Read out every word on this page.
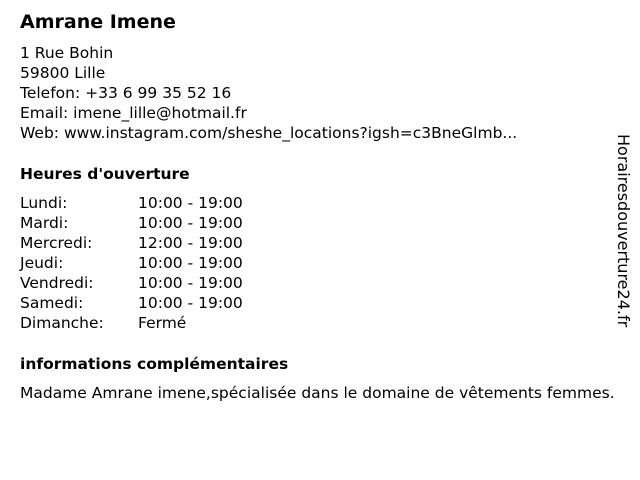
Amrane Imene
1 Rue Bohin
59800 Lille
Telefon: +33 6 99 35 52 16
Email: imene_lille@hotmail.fr
Web: www.instagram.com/sheshe_locations?igsh=c3BneGlmb...
Heures d'ouverture
Lundi:	10:00 - 19:00
Mardi:	10:00 - 19:00
Mercredi:	12:00 - 19:00
Jeudi:	10:00 - 19:00
Vendredi:	10:00 - 19:00
Samedi:	10:00 - 19:00
Dimanche:	Fermé
informations complémentaires
Madame Amrane imene,spécialisée dans le domaine de vêtements femmes.
Horairesdouverture24.fr
